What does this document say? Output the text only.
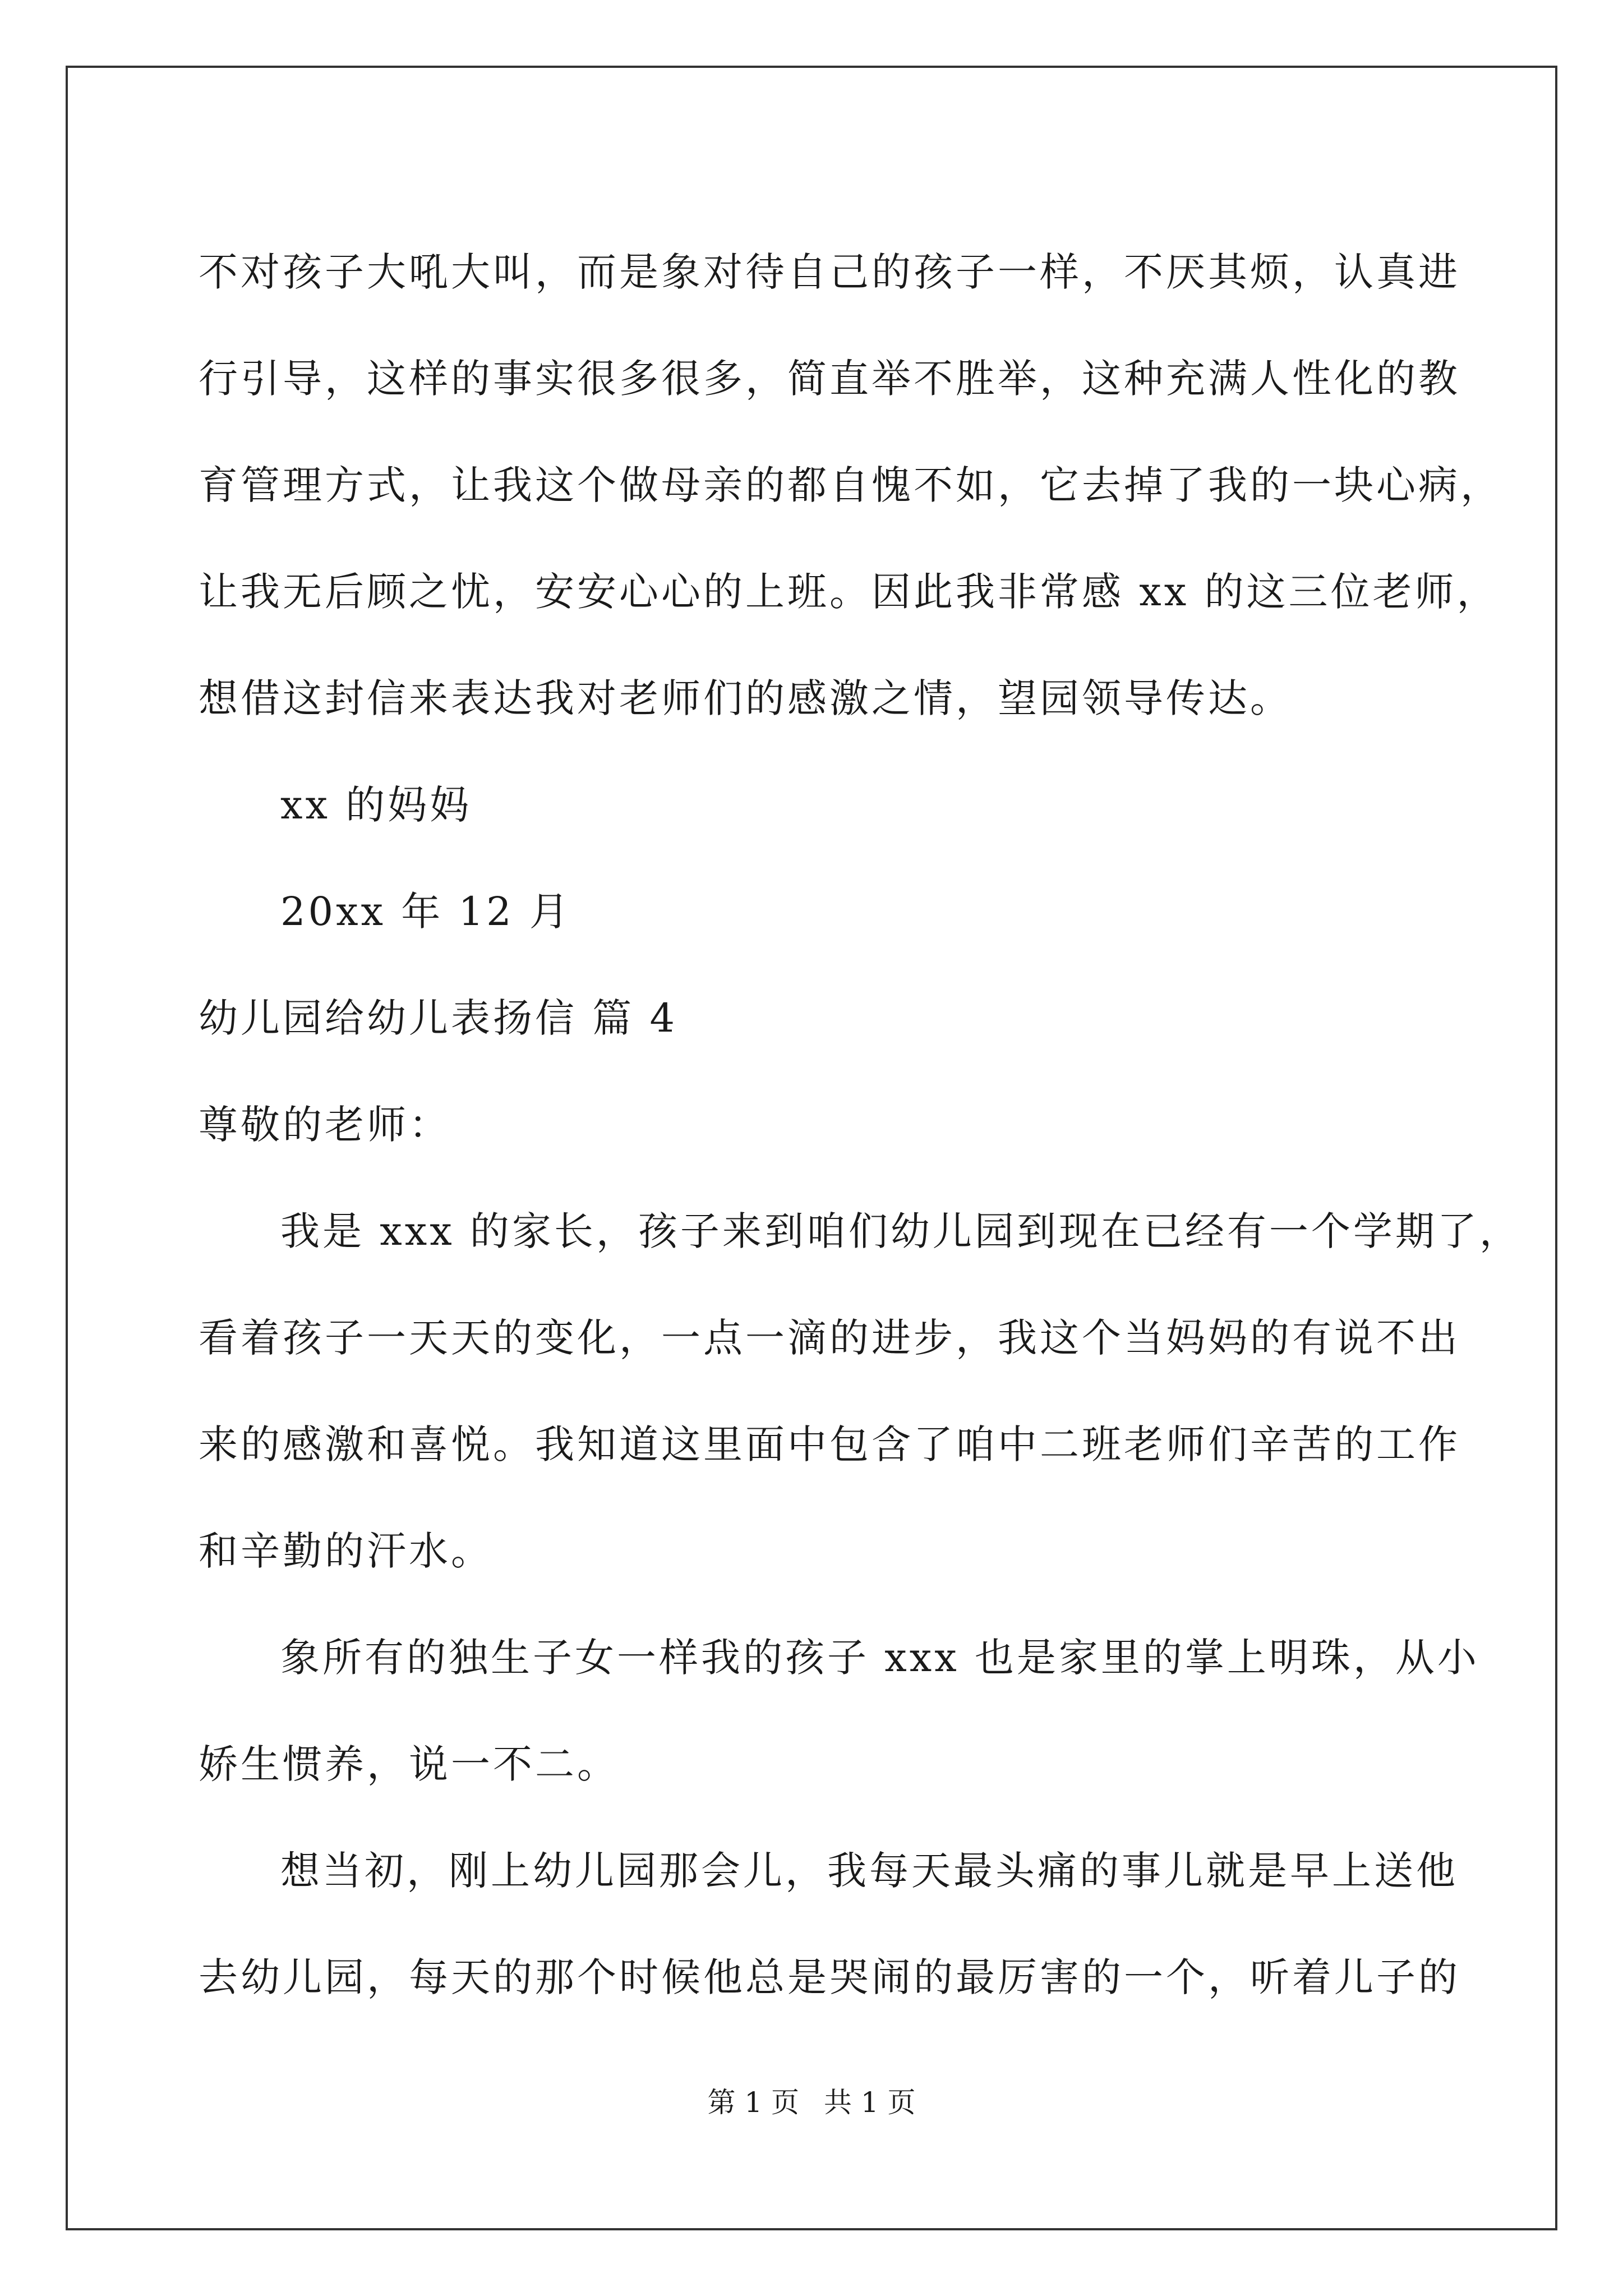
不对孩子大吼大叫，而是象对待自己的孩子一样，不厌其烦，认真进
行引导，这样的事实很多很多，简直举不胜举，这种充满人性化的教
育管理方式，让我这个做母亲的都自愧不如，它去掉了我的一块心病，
让我无后顾之忧，安安心心的上班。因此我非常感 xx 的这三位老师，
想借这封信来表达我对老师们的感激之情，望园领导传达。
xx 的妈妈
20xx 年 12 月
幼儿园给幼儿表扬信 篇 4
尊敬的老师：
我是 xxx 的家长，孩子来到咱们幼儿园到现在已经有一个学期了，
看着孩子一天天的变化，一点一滴的进步，我这个当妈妈的有说不出
来的感激和喜悦。我知道这里面中包含了咱中二班老师们辛苦的工作
和辛勤的汗水。
象所有的独生子女一样我的孩子 xxx 也是家里的掌上明珠，从小
娇生惯养，说一不二。
想当初，刚上幼儿园那会儿，我每天最头痛的事儿就是早上送他
去幼儿园，每天的那个时候他总是哭闹的最厉害的一个，听着儿子的
第 1 页 共 1 页
